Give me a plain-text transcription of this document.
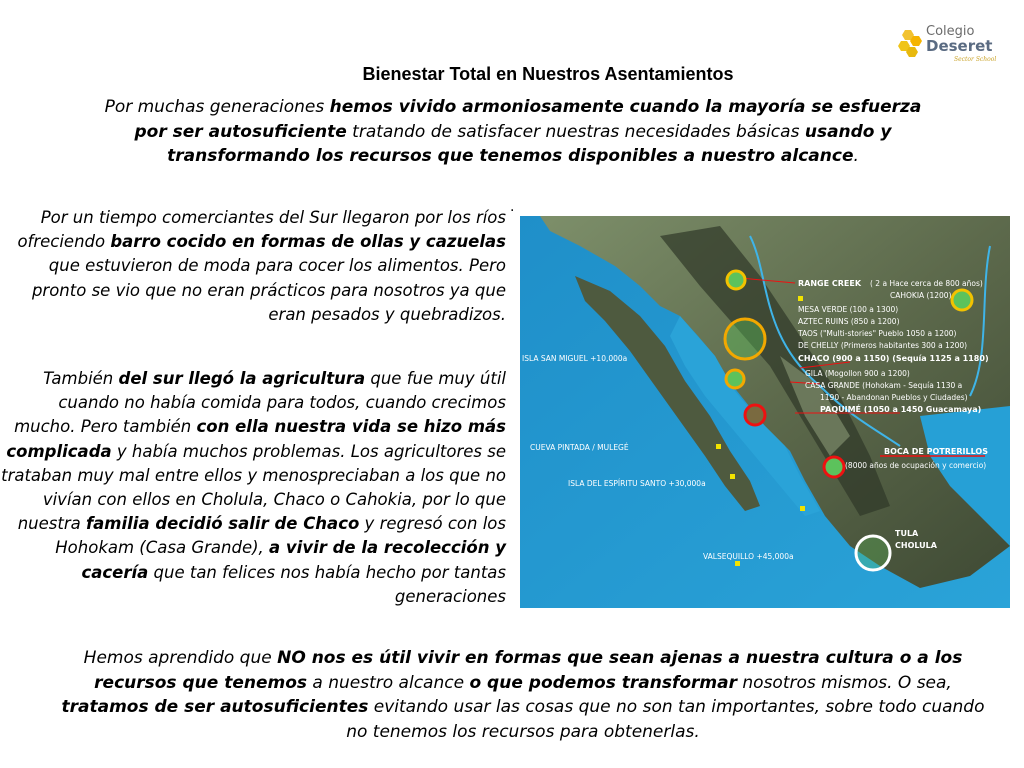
Colegio
Deseret
Sector School
Bienestar Total en Nuestros Asentamientos
Por muchas generaciones hemos vivido armoniosamente cuando la mayoría se esfuerza por ser autosuficiente tratando de satisfacer nuestras necesidades básicas usando y transformando los recursos que tenemos disponibles a nuestro alcance.
.
Por un tiempo comerciantes del Sur llegaron por los ríos ofreciendo barro cocido en formas de ollas y cazuelas que estuvieron de moda para cocer los alimentos. Pero pronto se vio que no eran prácticos para nosotros ya que eran pesados y quebradizos.
También del sur llegó la agricultura que fue muy útil cuando no había comida para todos, cuando crecimos mucho. Pero también con ella nuestra vida se hizo más complicada y había muchos problemas. Los agricultores se trataban muy mal entre ellos y menospreciaban a los que no vivían con ellos en Cholula, Chaco o Cahokia, por lo que nuestra familia decidió salir de Chaco y regresó con los Hohokam (Casa Grande), a vivir de la recolección y cacería que tan felices nos había hecho por tantas generaciones
RANGE CREEK ( 2 a Hace cerca de 800 años)
CAHOKIA (1200)
MESA VERDE (100 a 1300)
AZTEC RUINS (850 a 1200)
TAOS ("Multi-stories" Pueblo 1050 a 1200)
DE CHELLY (Primeros habitantes 300 a 1200)
CHACO (900 a 1150) (Sequía 1125 a 1180)
GILA (Mogollon 900 a 1200)
CASA GRANDE (Hohokam - Sequía 1130 a
1190 - Abandonan Pueblos y Ciudades)
PAQUIMÉ (1050 a 1450 Guacamaya)
ISLA SAN MIGUEL +10,000a
BOCA DE POTRERILLOS
(8000 años de ocupación y comercio)
CUEVA PINTADA / MULEGÉ
ISLA DEL ESPÍRITU SANTO +30,000a
TULA
CHOLULA
VALSEQUILLO +45,000a
Hemos aprendido que NO nos es útil vivir en formas que sean ajenas a nuestra cultura o a los recursos que tenemos a nuestro alcance o que podemos transformar nosotros mismos. O sea, tratamos de ser autosuficientes evitando usar las cosas que no son tan importantes, sobre todo cuando no tenemos los recursos para obtenerlas.
